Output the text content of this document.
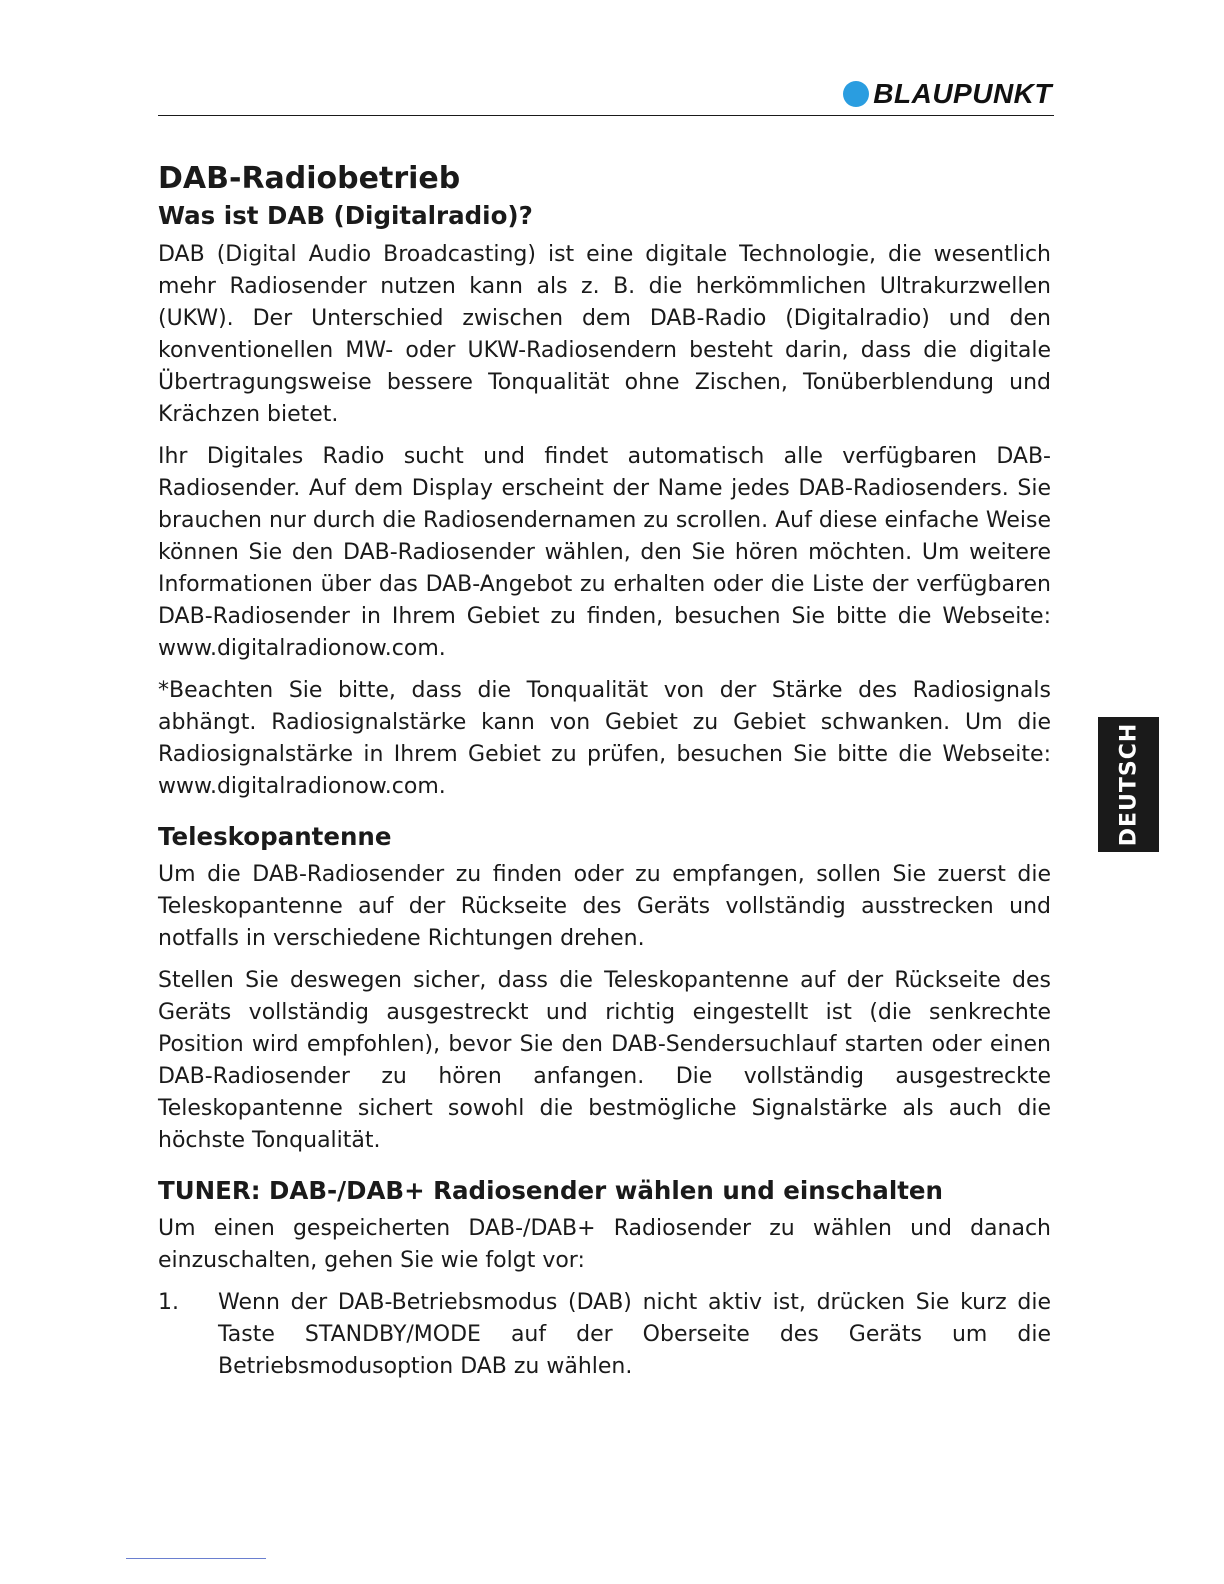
BLAUPUNKT
DAB-Radiobetrieb
Was ist DAB (Digitalradio)?

DAB (Digital Audio Broadcasting) ist eine digitale Technologie, die wesentlich mehr Radiosender nutzen kann als z. B. die herkömmlichen Ultrakurzwellen (UKW). Der Unterschied zwischen dem DAB-Radio (Digitalradio) und den konventionellen MW- oder UKW-Radiosendern besteht darin, dass die digitale Übertragungsweise bessere Tonqualität ohne Zischen, Tonüberblendung und Krächzen bietet.

Ihr Digitales Radio sucht und findet automatisch alle verfügbaren DAB-Radiosender. Auf dem Display erscheint der Name jedes DAB-Radiosenders. Sie brauchen nur durch die Radiosendernamen zu scrollen. Auf diese einfache Weise können Sie den DAB-Radiosender wählen, den Sie hören möchten. Um weitere Informationen über das DAB-Angebot zu erhalten oder die Liste der verfügbaren DAB-Radiosender in Ihrem Gebiet zu finden, besuchen Sie bitte die Webseite: www.digitalradionow.com.

*Beachten Sie bitte, dass die Tonqualität von der Stärke des Radiosignals abhängt. Radiosignalstärke kann von Gebiet zu Gebiet schwanken. Um die Radiosignalstärke in Ihrem Gebiet zu prüfen, besuchen Sie bitte die Webseite: www.digitalradionow.com.

Teleskopantenne

Um die DAB-Radiosender zu finden oder zu empfangen, sollen Sie zuerst die Teleskopantenne auf der Rückseite des Geräts vollständig ausstrecken und notfalls in verschiedene Richtungen drehen.

Stellen Sie deswegen sicher, dass die Teleskopantenne auf der Rückseite des Geräts vollständig ausgestreckt und richtig eingestellt ist (die senkrechte Position wird empfohlen), bevor Sie den DAB-Sendersuchlauf starten oder einen DAB-Radiosender zu hören anfangen. Die vollständig ausgestreckte Teleskopantenne sichert sowohl die bestmögliche Signalstärke als auch die höchste Tonqualität.

TUNER: DAB-/DAB+ Radiosender wählen und einschalten

Um einen gespeicherten DAB-/DAB+ Radiosender zu wählen und danach einzuschalten, gehen Sie wie folgt vor:

1.	Wenn der DAB-Betriebsmodus (DAB) nicht aktiv ist, drücken Sie kurz die Taste STANDBY/MODE auf der Oberseite des Geräts um die Betriebsmodusoption DAB zu wählen.
DEUTSCH
